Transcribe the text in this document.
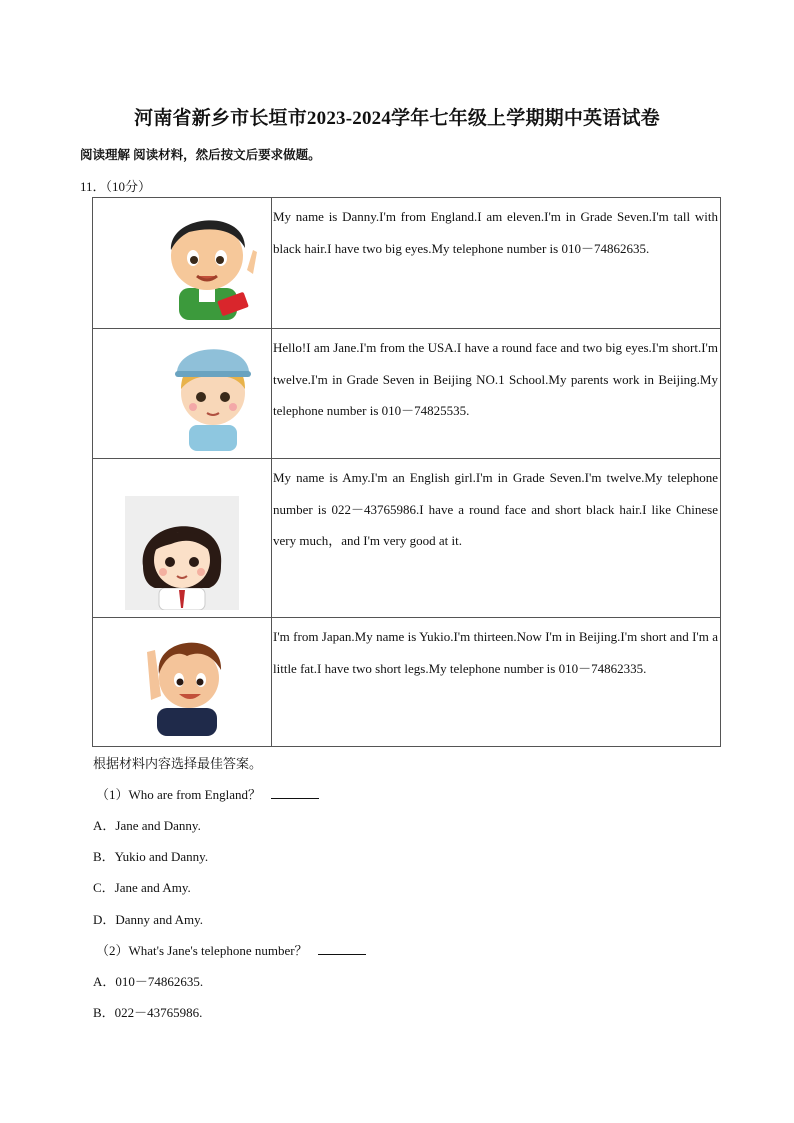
河南省新乡市长垣市2023-2024学年七年级上学期期中英语试卷
阅读理解 阅读材料，然后按文后要求做题。
11．（10分）
	My name is Danny.I'm from England.I am eleven.I'm in Grade Seven.I'm tall with black hair.I have two big eyes.My telephone number is 010－74862635.

	Hello!I am Jane.I'm from the USA.I have a round face and two big eyes.I'm short.I'm twelve.I'm in Grade Seven in Beijing NO.1 School.My parents work in Beijing.My telephone number is 010－74825535.

	My name is Amy.I'm an English girl.I'm in Grade Seven.I'm twelve.My telephone number is 022－43765986.I have a round face and short black hair.I like Chinese very much，and I'm very good at it.

	I'm from Japan.My name is Yukio.I'm thirteen.Now I'm in Beijing.I'm short and I'm a little fat.I have two short legs.My telephone number is 010－74862335.
根据材料内容选择最佳答案。
（1）Who are from England？
A．Jane and Danny.
B．Yukio and Danny.
C．Jane and Amy.
D．Danny and Amy.
（2）What's Jane's telephone number？
A．010－74862635.
B．022－43765986.
